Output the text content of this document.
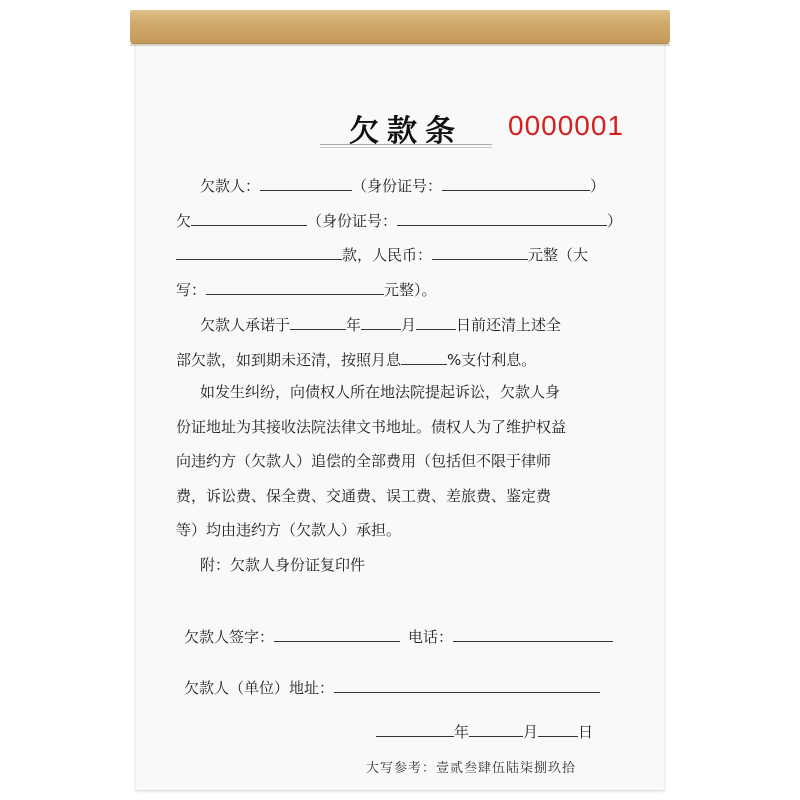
欠款条	0000001
欠款人：	（身份证号：	）
欠	（身份证号：	）
款，人民币：	元整（大
写：	元整）。
欠款人承诺于	年	月	日前还清上述全
部欠款，如到期未还清，按照月息	%支付利息。
如发生纠纷，向债权人所在地法院提起诉讼，欠款人身
份证地址为其接收法院法律文书地址。债权人为了维护权益
向违约方（欠款人）追偿的全部费用（包括但不限于律师
费，诉讼费、保全费、交通费、误工费、差旅费、鉴定费
等）均由违约方（欠款人）承担。
附：欠款人身份证复印件
欠款人签字：	电话：
欠款人（单位）地址：
年	月	日
大写参考：壹贰叁肆伍陆柒捌玖拾
